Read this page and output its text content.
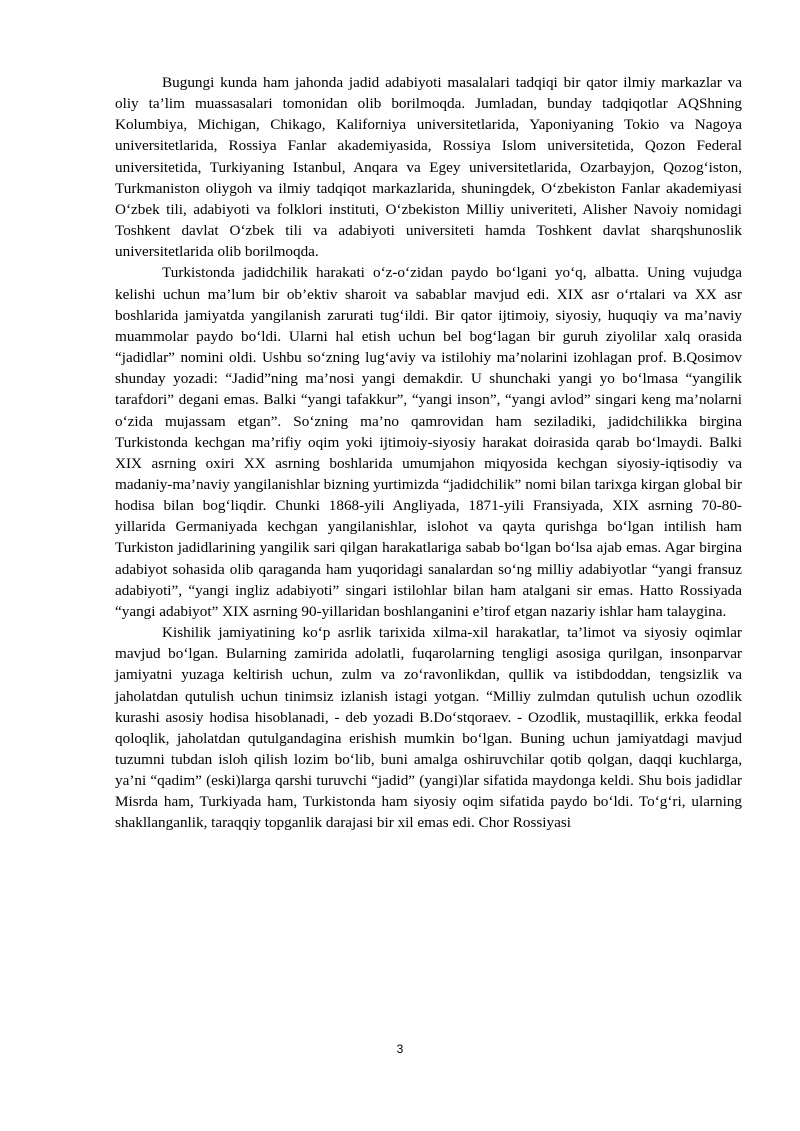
Bugungi kunda ham jahonda jadid adabiyoti masalalari tadqiqi bir qator ilmiy markazlar va oliy ta’lim muassasalari tomonidan olib borilmoqda. Jumladan, bunday tadqiqotlar AQShning Kolumbiya, Michigan, Chikago, Kaliforniya universitetlarida, Yaponiyaning Tokio va Nagoya universitetlarida, Rossiya Fanlar akademiyasida, Rossiya Islom universitetida, Qozon Federal universitetida, Turkiyaning Istanbul, Anqara va Egey universitetlarida, Ozarbayjon, Qozog‘iston, Turkmaniston oliygoh va ilmiy tadqiqot markazlarida, shuningdek, O‘zbekiston Fanlar akademiyasi O‘zbek tili, adabiyoti va folklori instituti, O‘zbekiston Milliy univeriteti, Alisher Navoiy nomidagi Toshkent davlat O‘zbek tili va adabiyoti universiteti hamda Toshkent davlat sharqshunoslik universitetlarida olib borilmoqda.

Turkistonda jadidchilik harakati o‘z-o‘zidan paydo bo‘lgani yo‘q, albatta. Uning vujudga kelishi uchun ma’lum bir ob’ektiv sharoit va sabablar mavjud edi. XIX asr o‘rtalari va XX asr boshlarida jamiyatda yangilanish zarurati tug‘ildi. Bir qator ijtimoiy, siyosiy, huquqiy va ma’naviy muammolar paydo bo‘ldi. Ularni hal etish uchun bel bog‘lagan bir guruh ziyolilar xalq orasida “jadidlar” nomini oldi. Ushbu so‘zning lug‘aviy va istilohiy ma’nolarini izohlagan prof. B.Qosimov shunday yozadi: “Jadid”ning ma’nosi yangi demakdir. U shunchaki yangi yo bo‘lmasa “yangilik tarafdori” degani emas. Balki “yangi tafakkur”, “yangi inson”, “yangi avlod” singari keng ma’nolarni o‘zida mujassam etgan”. So‘zning ma’no qamrovidan ham seziladiki, jadidchilikka birgina Turkistonda kechgan ma’rifiy oqim yoki ijtimoiy-siyosiy harakat doirasida qarab bo‘lmaydi. Balki XIX asrning oxiri XX asrning boshlarida umumjahon miqyosida kechgan siyosiy-iqtisodiy va madaniy-ma’naviy yangilanishlar bizning yurtimizda “jadidchilik” nomi bilan tarixga kirgan global bir hodisa bilan bog‘liqdir. Chunki 1868-yili Angliyada, 1871-yili Fransiyada, XIX asrning 70-80-yillarida Germaniyada kechgan yangilanishlar, islohot va qayta qurishga bo‘lgan intilish ham Turkiston jadidlarining yangilik sari qilgan harakatlariga sabab bo‘lgan bo‘lsa ajab emas. Agar birgina adabiyot sohasida olib qaraganda ham yuqoridagi sanalardan so‘ng milliy adabiyotlar “yangi fransuz adabiyoti”, “yangi ingliz adabiyoti” singari istilohlar bilan ham atalgani sir emas. Hatto Rossiyada “yangi adabiyot” XIX asrning 90-yillaridan boshlanganini e’tirof etgan nazariy ishlar ham talaygina.

Kishilik jamiyatining ko‘p asrlik tarixida xilma-xil harakatlar, ta’limot va siyosiy oqimlar mavjud bo‘lgan. Bularning zamirida adolatli, fuqarolarning tengligi asosiga qurilgan, insonparvar jamiyatni yuzaga keltirish uchun, zulm va zo‘ravonlikdan, qullik va istibdoddan, tengsizlik va jaholatdan qutulish uchun tinimsiz izlanish istagi yotgan. “Milliy zulmdan qutulish uchun ozodlik kurashi asosiy hodisa hisoblanadi, - deb yozadi B.Do‘stqoraev. - Ozodlik, mustaqillik, erkka feodal qoloqlik, jaholatdan qutulgandagina erishish mumkin bo‘lgan. Buning uchun jamiyatdagi mavjud tuzumni tubdan isloh qilish lozim bo‘lib, buni amalga oshiruvchilar qotib qolgan, daqqi kuchlarga, ya’ni “qadim” (eski)larga qarshi turuvchi “jadid” (yangi)lar sifatida maydonga keldi. Shu bois jadidlar Misrda ham, Turkiyada ham, Turkistonda ham siyosiy oqim sifatida paydo bo‘ldi. To‘g‘ri, ularning shakllanganlik, taraqqiy topganlik darajasi bir xil emas edi. Chor Rossiyasi

3
